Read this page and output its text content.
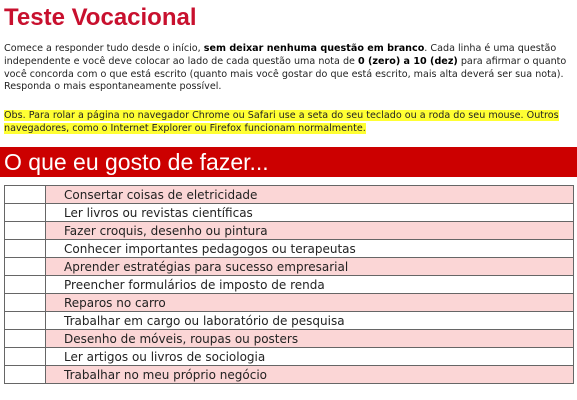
Teste Vocacional
Comece a responder tudo desde o início, sem deixar nenhuma questão em branco. Cada linha é uma questão independente e você deve colocar ao lado de cada questão uma nota de 0 (zero) a 10 (dez) para afirmar o quanto você concorda com o que está escrito (quanto mais você gostar do que está escrito, mais alta deverá ser sua nota). Responda o mais espontaneamente possível.
Obs. Para rolar a página no navegador Chrome ou Safari use a seta do seu teclado ou a roda do seu mouse. Outros navegadores, como o Internet Explorer ou Firefox funcionam normalmente.
O que eu gosto de fazer...
	Consertar coisas de eletricidade
	Ler livros ou revistas científicas
	Fazer croquis, desenho ou pintura
	Conhecer importantes pedagogos ou terapeutas
	Aprender estratégias para sucesso empresarial
	Preencher formulários de imposto de renda
	Reparos no carro
	Trabalhar em cargo ou laboratório de pesquisa
	Desenho de móveis, roupas ou posters
	Ler artigos ou livros de sociologia
	Trabalhar no meu próprio negócio
